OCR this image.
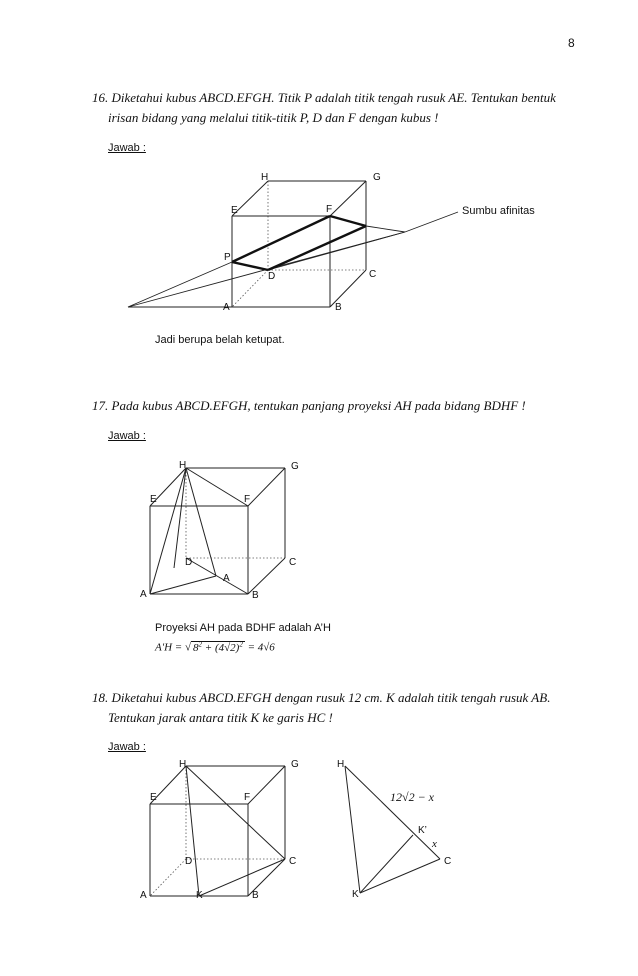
8
16. Diketahui kubus ABCD.EFGH. Titik P adalah titik tengah rusuk AE. Tentukan bentuk
irisan bidang yang melalui titik-titik P, D dan F dengan kubus !
Jawab :
H	G
E	F
P
D	C
A	B
Sumbu afinitas
Jadi berupa belah ketupat.
17. Pada kubus ABCD.EFGH, tentukan panjang proyeksi AH pada bidang BDHF !
Jawab :
H	G
E	F
D
A
C
A	B
Proyeksi AH pada BDHF adalah A’H
A'H = √ $8^2 + (4√2)^2 = 4√6$
18. Diketahui kubus ABCD.EFGH dengan rusuk 12 cm. K adalah titik tengah rusuk AB.
Tentukan jarak antara titik K ke garis HC !
Jawab :
H	G
E	F
D	C
A	K	B
H
12√2 − x
K’
x
C
K
